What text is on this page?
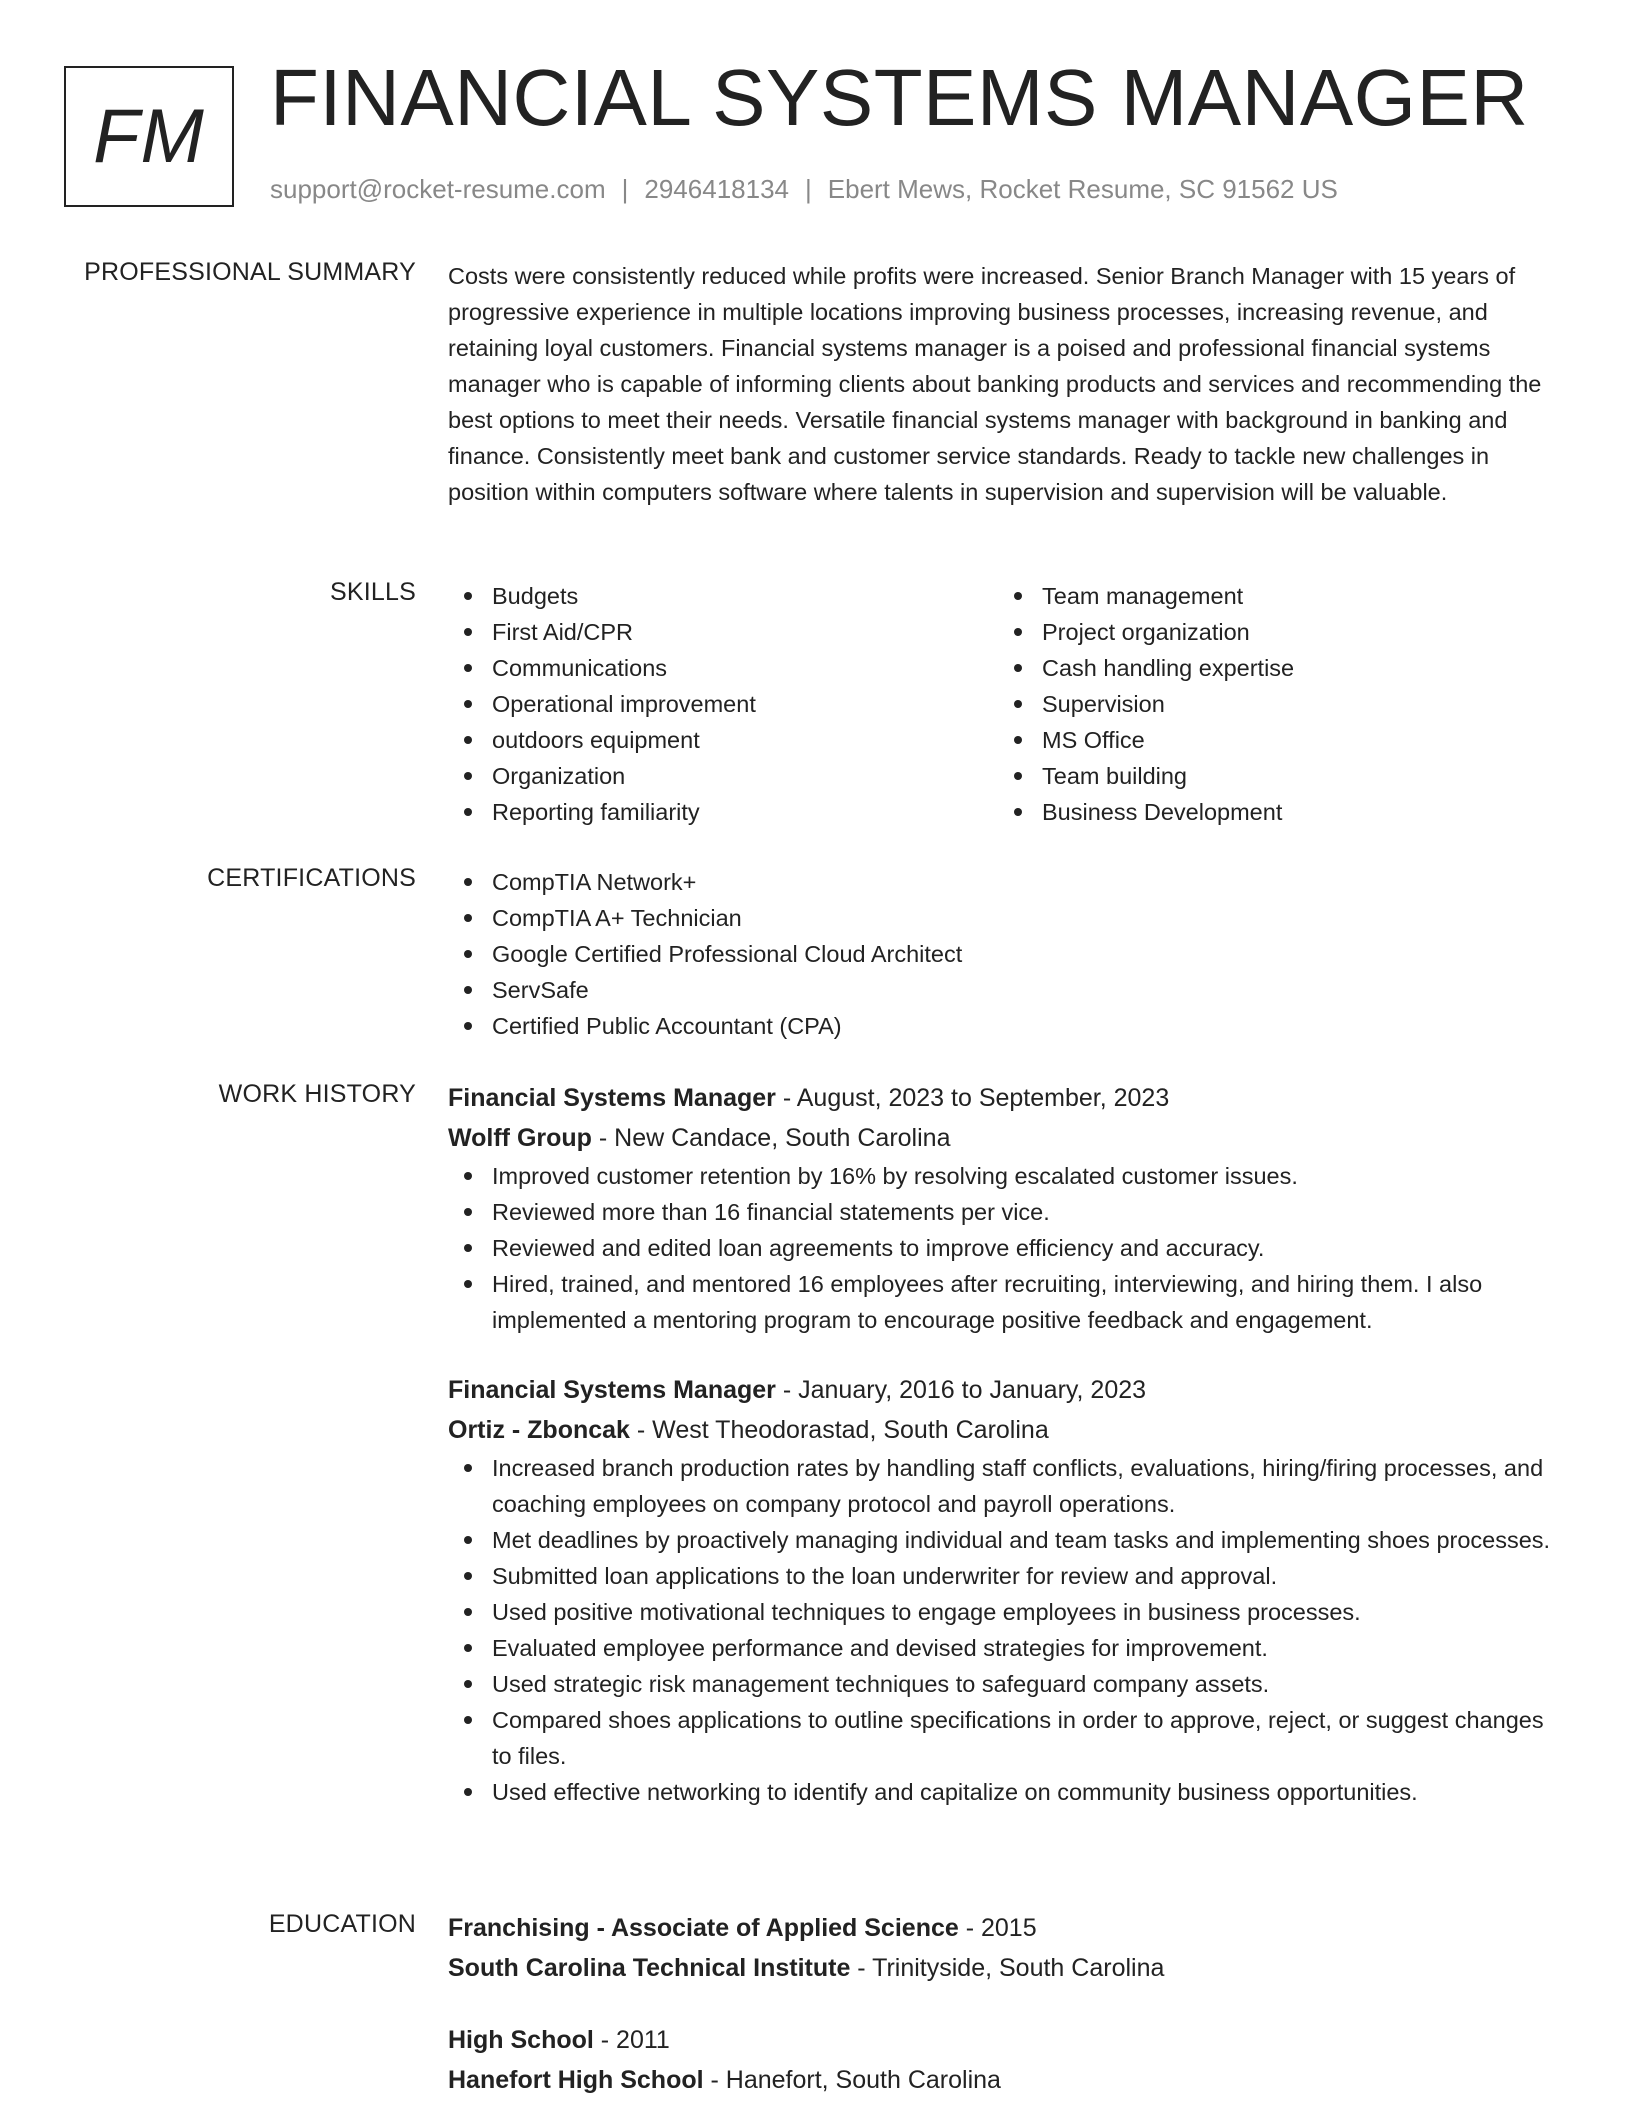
FM FINANCIAL SYSTEMS MANAGER
support@rocket-resume.com | 2946418134 | Ebert Mews, Rocket Resume, SC 91562 US
PROFESSIONAL SUMMARY Costs were consistently reduced while profits were increased. Senior Branch Manager with 15 years of progressive experience in multiple locations improving business processes, increasing revenue, and retaining loyal customers. Financial systems manager is a poised and professional financial systems manager who is capable of informing clients about banking products and services and recommending the best options to meet their needs. Versatile financial systems manager with background in banking and finance. Consistently meet bank and customer service standards. Ready to tackle new challenges in position within computers software where talents in supervision and supervision will be valuable.

SKILLS	Budgets
First Aid/CPR
Communications
Operational improvement
outdoors equipment
Organization
Reporting familiarity
Team management
Project organization
Cash handling expertise
Supervision
MS Office
Team building
Business Development
CERTIFICATIONS	CompTIA Network+
CompTIA A+ Technician
Google Certified Professional Cloud Architect
ServSafe
Certified Public Accountant (CPA)
WORK HISTORY Financial Systems Manager - August, 2023 to September, 2023
Wolff Group - New Candace, South Carolina
Improved customer retention by 16% by resolving escalated customer issues.
Reviewed more than 16 financial statements per vice.
Reviewed and edited loan agreements to improve efficiency and accuracy.
Hired, trained, and mentored 16 employees after recruiting, interviewing, and hiring them. I also implemented a mentoring program to encourage positive feedback and engagement.
Financial Systems Manager - January, 2016 to January, 2023
Ortiz - Zboncak - West Theodorastad, South Carolina
Increased branch production rates by handling staff conflicts, evaluations, hiring/firing processes, and coaching employees on company protocol and payroll operations.
Met deadlines by proactively managing individual and team tasks and implementing shoes processes.
Submitted loan applications to the loan underwriter for review and approval.
Used positive motivational techniques to engage employees in business processes.
Evaluated employee performance and devised strategies for improvement.
Used strategic risk management techniques to safeguard company assets.
Compared shoes applications to outline specifications in order to approve, reject, or suggest changes to files.
Used effective networking to identify and capitalize on community business opportunities.
EDUCATION Franchising - Associate of Applied Science - 2015
South Carolina Technical Institute - Trinityside, South Carolina
High School - 2011
Hanefort High School - Hanefort, South Carolina
